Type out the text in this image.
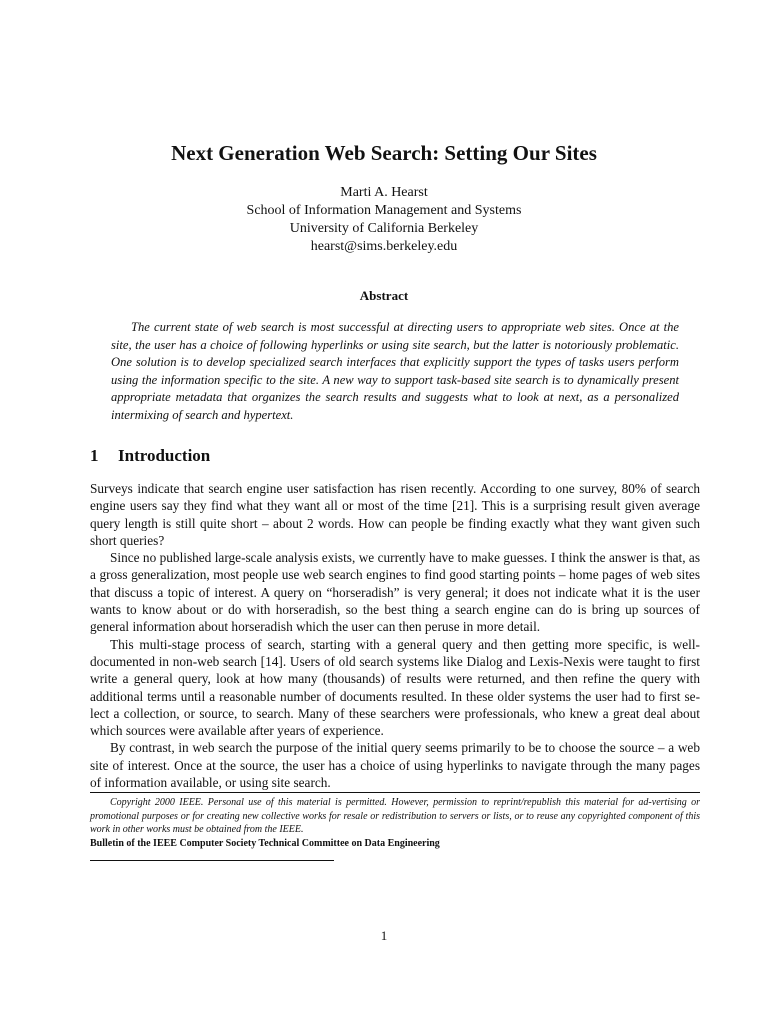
Next Generation Web Search: Setting Our Sites
Marti A. Hearst
School of Information Management and Systems
University of California Berkeley
hearst@sims.berkeley.edu
Abstract

The current state of web search is most successful at directing users to appropriate web sites. Once at the site, the user has a choice of following hyperlinks or using site search, but the latter is notoriously problematic. One solution is to develop specialized search interfaces that explicitly support the types of tasks users perform using the information specific to the site. A new way to support task-based site search is to dynamically present appropriate metadata that organizes the search results and suggests what to look at next, as a personalized intermixing of search and hypertext.

1 Introduction

Surveys indicate that search engine user satisfaction has risen recently. According to one survey, 80% of search engine users say they find what they want all or most of the time [21]. This is a surprising result given average query length is still quite short – about 2 words. How can people be finding exactly what they want given such short queries?

Since no published large-scale analysis exists, we currently have to make guesses. I think the answer is that, as a gross generalization, most people use web search engines to find good starting points – home pages of web sites that discuss a topic of interest. A query on “horseradish” is very general; it does not indicate what it is the user wants to know about or do with horseradish, so the best thing a search engine can do is bring up sources of general information about horseradish which the user can then peruse in more detail.

This multi-stage process of search, starting with a general query and then getting more specific, is well-documented in non-web search [14]. Users of old search systems like Dialog and Lexis-Nexis were taught to first write a general query, look at how many (thousands) of results were returned, and then refine the query with additional terms until a reasonable number of documents resulted. In these older systems the user had to first se-lect a collection, or source, to search. Many of these searchers were professionals, who knew a great deal about which sources were available after years of experience.

By contrast, in web search the purpose of the initial query seems primarily to be to choose the source – a web site of interest. Once at the source, the user has a choice of using hyperlinks to navigate through the many pages of information available, or using site search.

Copyright 2000 IEEE. Personal use of this material is permitted. However, permission to reprint/republish this material for ad-vertising or promotional purposes or for creating new collective works for resale or redistribution to servers or lists, or to reuse any copyrighted component of this work in other works must be obtained from the IEEE.

Bulletin of the IEEE Computer Society Technical Committee on Data Engineering

1
